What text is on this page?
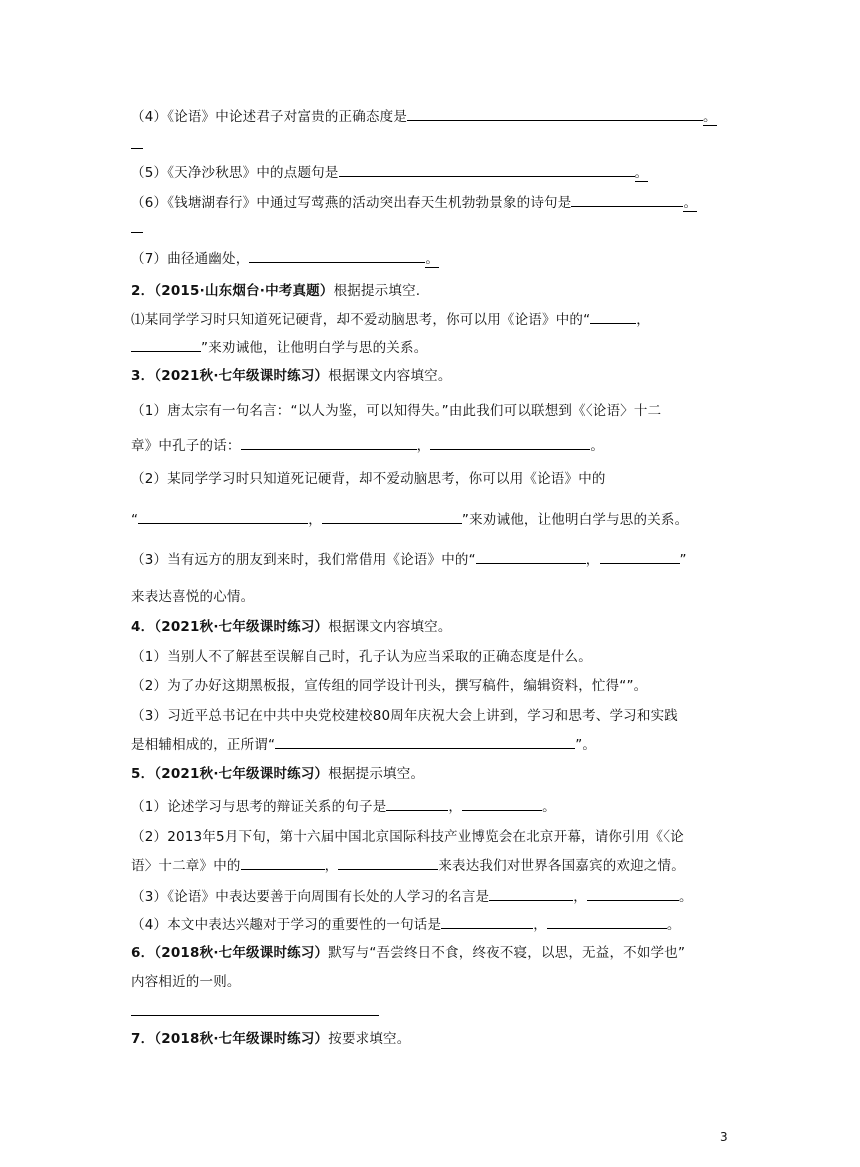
（4）《论语》中论述君子对富贵的正确态度是	。
（5）《天净沙秋思》中的点题句是	。
（6）《钱塘湖春行》中通过写莺燕的活动突出春天生机勃勃景象的诗句是	。
（7）曲径通幽处，	。
2．（2015·山东烟台·中考真题）根据提示填空.
⑴某同学学习时只知道死记硬背，却不爱动脑思考，你可以用《论语》中的“	，
”来劝诫他，让他明白学与思的关系。
3．（2021秋·七年级课时练习）根据课文内容填空。
（1）唐太宗有一句名言：“以人为鉴，可以知得失。”由此我们可以联想到《〈论语〉十二
章》中孔子的话：	，	。
（2）某同学学习时只知道死记硬背，却不爱动脑思考，你可以用《论语》中的
“	，	”来劝诫他，让他明白学与思的关系。
（3）当有远方的朋友到来时，我们常借用《论语》中的“	，	”
来表达喜悦的心情。
4．（2021秋·七年级课时练习）根据课文内容填空。
（1）当别人不了解甚至误解自己时，孔子认为应当采取的正确态度是什么。
（2）为了办好这期黑板报，宣传组的同学设计刊头，撰写稿件，编辑资料，忙得“”。
（3）习近平总书记在中共中央党校建校80周年庆祝大会上讲到，学习和思考、学习和实践
是相辅相成的，正所谓“	”。
5．（2021秋·七年级课时练习）根据提示填空。
（1）论述学习与思考的辩证关系的句子是	，	。
（2）2013年5月下旬，第十六届中国北京国际科技产业博览会在北京开幕，请你引用《〈论
语〉十二章》中的	，	来表达我们对世界各国嘉宾的欢迎之情。
（3）《论语》中表达要善于向周围有长处的人学习的名言是	，	。
（4）本文中表达兴趣对于学习的重要性的一句话是	，	。
6．（2018秋·七年级课时练习）默写与“吾尝终日不食，终夜不寝，以思，无益，不如学也”
内容相近的一则。
7．（2018秋·七年级课时练习）按要求填空。
3
